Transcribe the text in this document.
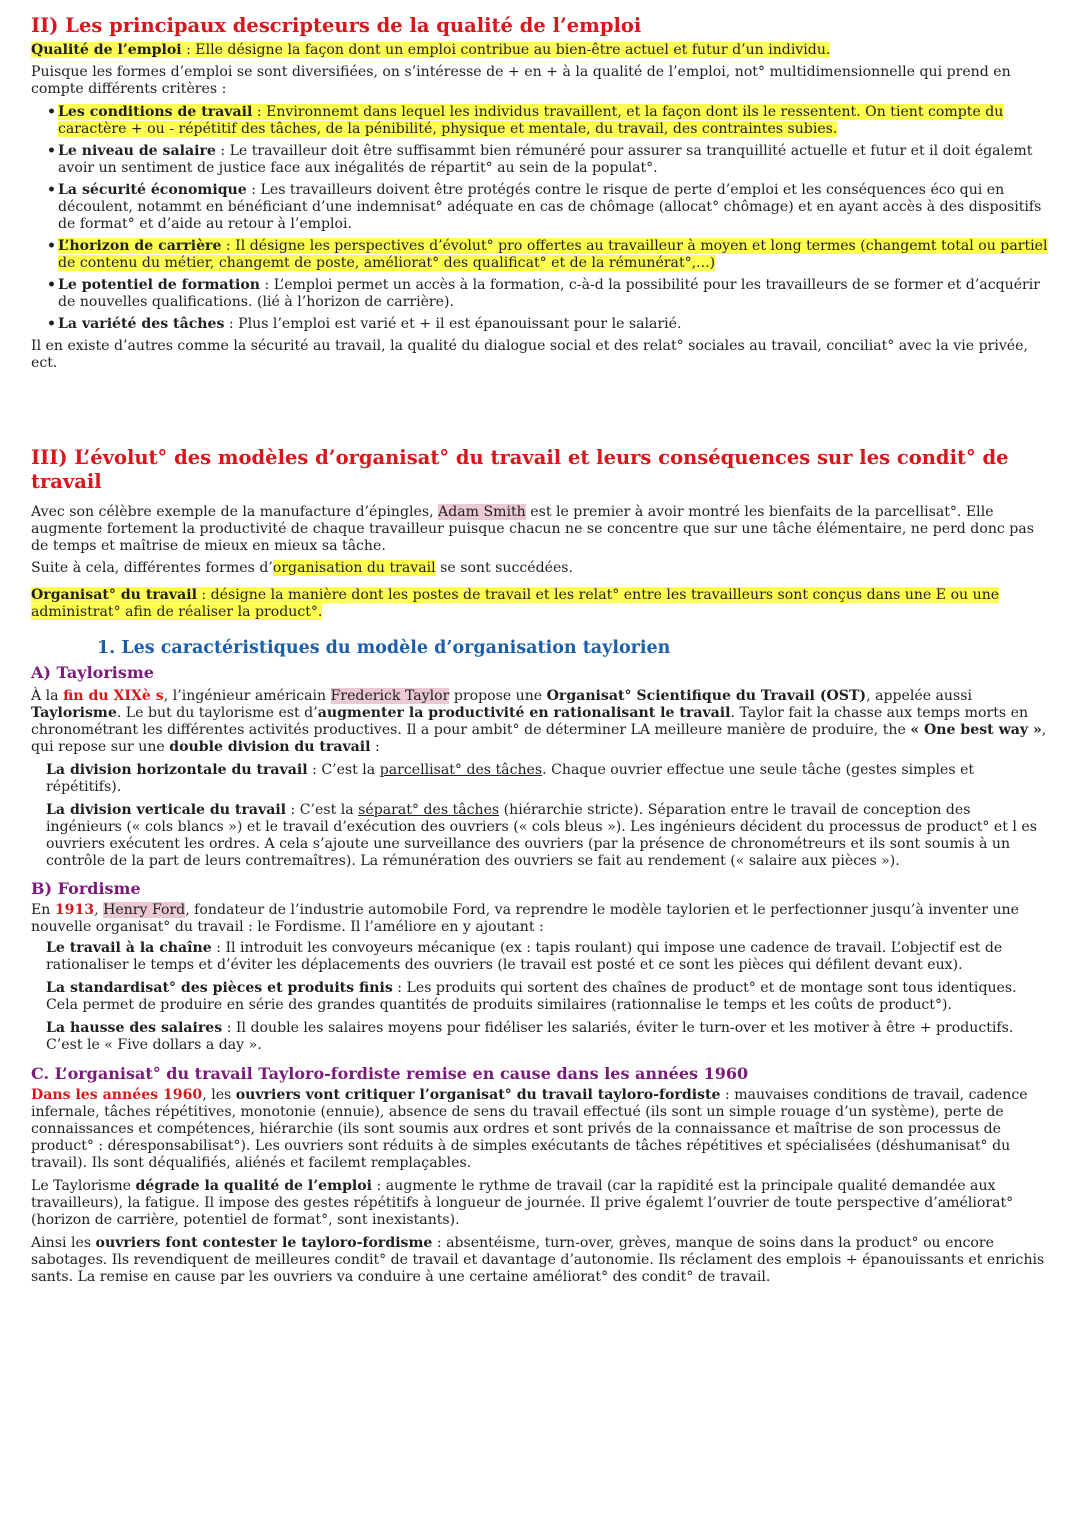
II) Les principaux descripteurs de la qualité de l’emploi

Qualité de l’emploi : Elle désigne la façon dont un emploi contribue au bien-être actuel et futur d’un individu.

Puisque les formes d’emploi se sont diversifiées, on s’intéresse de + en + à la qualité de l’emploi, not° multidimensionnelle qui prend en compte différents critères :

• Les conditions de travail : Environnemt dans lequel les individus travaillent, et la façon dont ils le ressentent. On tient compte du caractère + ou - répétitif des tâches, de la pénibilité, physique et mentale, du travail, des contraintes subies.
• Le niveau de salaire : Le travailleur doit être suffisammt bien rémunéré pour assurer sa tranquillité actuelle et futur et il doit égalemt avoir un sentiment de justice face aux inégalités de répartit° au sein de la populat°.
• La sécurité économique : Les travailleurs doivent être protégés contre le risque de perte d’emploi et les conséquences éco qui en découlent, notammt en bénéficiant d’une indemnisat° adéquate en cas de chômage (allocat° chômage) et en ayant accès à des dispositifs de format° et d’aide au retour à l’emploi.
• L’horizon de carrière : Il désigne les perspectives d’évolut° pro offertes au travailleur à moyen et long termes (changemt total ou partiel de contenu du métier, changemt de poste, améliorat° des qualificat° et de la rémunérat°,...)
• Le potentiel de formation : L’emploi permet un accès à la formation, c-à-d la possibilité pour les travailleurs de se former et d’acquérir de nouvelles qualifications. (lié à l’horizon de carrière).
• La variété des tâches : Plus l’emploi est varié et + il est épanouissant pour le salarié.

Il en existe d’autres comme la sécurité au travail, la qualité du dialogue social et des relat° sociales au travail, conciliat° avec la vie privée, ect.

III) L’évolut° des modèles d’organisat° du travail et leurs conséquences sur les condit° de travail

Avec son célèbre exemple de la manufacture d’épingles, Adam Smith est le premier à avoir montré les bienfaits de la parcellisat°. Elle augmente fortement la productivité de chaque travailleur puisque chacun ne se concentre que sur une tâche élémentaire, ne perd donc pas de temps et maîtrise de mieux en mieux sa tâche.

Suite à cela, différentes formes d’organisation du travail se sont succédées.

Organisat° du travail : désigne la manière dont les postes de travail et les relat° entre les travailleurs sont conçus dans une E ou une administrat° afin de réaliser la product°.

1. Les caractéristiques du modèle d’organisation taylorien
A) Taylorisme

À la fin du XIXè s, l’ingénieur américain Frederick Taylor propose une Organisat° Scientifique du Travail (OST), appelée aussi Taylorisme. Le but du taylorisme est d’augmenter la productivité en rationalisant le travail. Taylor fait la chasse aux temps morts en chronométrant les différentes activités productives. Il a pour ambit° de déterminer LA meilleure manière de produire, the « One best way », qui repose sur une double division du travail :

La division horizontale du travail : C’est la parcellisat° des tâches. Chaque ouvrier effectue une seule tâche (gestes simples et répétitifs).

La division verticale du travail : C’est la séparat° des tâches (hiérarchie stricte). Séparation entre le travail de conception des ingénieurs (« cols blancs ») et le travail d’exécution des ouvriers (« cols bleus »). Les ingénieurs décident du processus de product° et l es ouvriers exécutent les ordres. A cela s’ajoute une surveillance des ouvriers (par la présence de chronométreurs et ils sont soumis à un contrôle de la part de leurs contremaîtres). La rémunération des ouvriers se fait au rendement (« salaire aux pièces »).

B) Fordisme

En 1913, Henry Ford, fondateur de l’industrie automobile Ford, va reprendre le modèle taylorien et le perfectionner jusqu’à inventer une nouvelle organisat° du travail : le Fordisme. Il l’améliore en y ajoutant :

Le travail à la chaîne : Il introduit les convoyeurs mécanique (ex : tapis roulant) qui impose une cadence de travail. L’objectif est de rationaliser le temps et d’éviter les déplacements des ouvriers (le travail est posté et ce sont les pièces qui défilent devant eux).

La standardisat° des pièces et produits finis : Les produits qui sortent des chaînes de product° et de montage sont tous identiques. Cela permet de produire en série des grandes quantités de produits similaires (rationnalise le temps et les coûts de product°).

La hausse des salaires : Il double les salaires moyens pour fidéliser les salariés, éviter le turn-over et les motiver à être + productifs. C’est le « Five dollars a day ».

C. L’organisat° du travail Tayloro-fordiste remise en cause dans les années 1960

Dans les années 1960, les ouvriers vont critiquer l’organisat° du travail tayloro-fordiste : mauvaises conditions de travail, cadence infernale, tâches répétitives, monotonie (ennuie), absence de sens du travail effectué (ils sont un simple rouage d’un système), perte de connaissances et compétences, hiérarchie (ils sont soumis aux ordres et sont privés de la connaissance et maîtrise de son processus de product° : déresponsabilisat°). Les ouvriers sont réduits à de simples exécutants de tâches répétitives et spécialisées (déshumanisat° du travail). Ils sont déqualifiés, aliénés et facilemt remplaçables.

Le Taylorisme dégrade la qualité de l’emploi : augmente le rythme de travail (car la rapidité est la principale qualité demandée aux travailleurs), la fatigue. Il impose des gestes répétitifs à longueur de journée. Il prive égalemt l’ouvrier de toute perspective d’améliorat° (horizon de carrière, potentiel de format°, sont inexistants).

Ainsi les ouvriers font contester le tayloro-fordisme : absentéisme, turn-over, grèves, manque de soins dans la product° ou encore sabotages. Ils revendiquent de meilleures condit° de travail et davantage d’autonomie. Ils réclament des emplois + épanouissants et enrichis sants. La remise en cause par les ouvriers va conduire à une certaine améliorat° des condit° de travail.
